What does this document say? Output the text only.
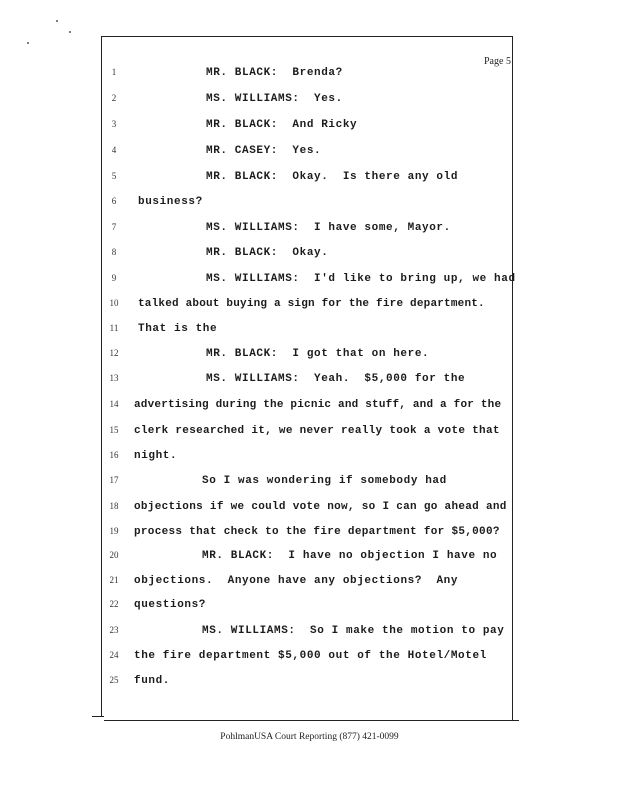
Page 5
1	MR. BLACK:  Brenda?
2	MS. WILLIAMS:  Yes.
3	MR. BLACK:  And Ricky
4	MR. CASEY:  Yes.
5	MR. BLACK:  Okay.  Is there any old
6	business?
7	MS. WILLIAMS:  I have some, Mayor.
8	MR. BLACK:  Okay.
9	MS. WILLIAMS:  I'd like to bring up, we had
10	talked about buying a sign for the fire department.
11	That is the
12	MR. BLACK:  I got that on here.
13	MS. WILLIAMS:  Yeah.  $5,000 for the
14	advertising during the picnic and stuff, and a for the
15	clerk researched it, we never really took a vote that
16	night.
17	So I was wondering if somebody had
18	objections if we could vote now, so I can go ahead and
19	process that check to the fire department for $5,000?
20	MR. BLACK:  I have no objection I have no
21	objections.  Anyone have any objections?  Any
22	questions?
23	MS. WILLIAMS:  So I make the motion to pay
24	the fire department $5,000 out of the Hotel/Motel
25	fund.
PohlmanUSA Court Reporting (877) 421-0099
